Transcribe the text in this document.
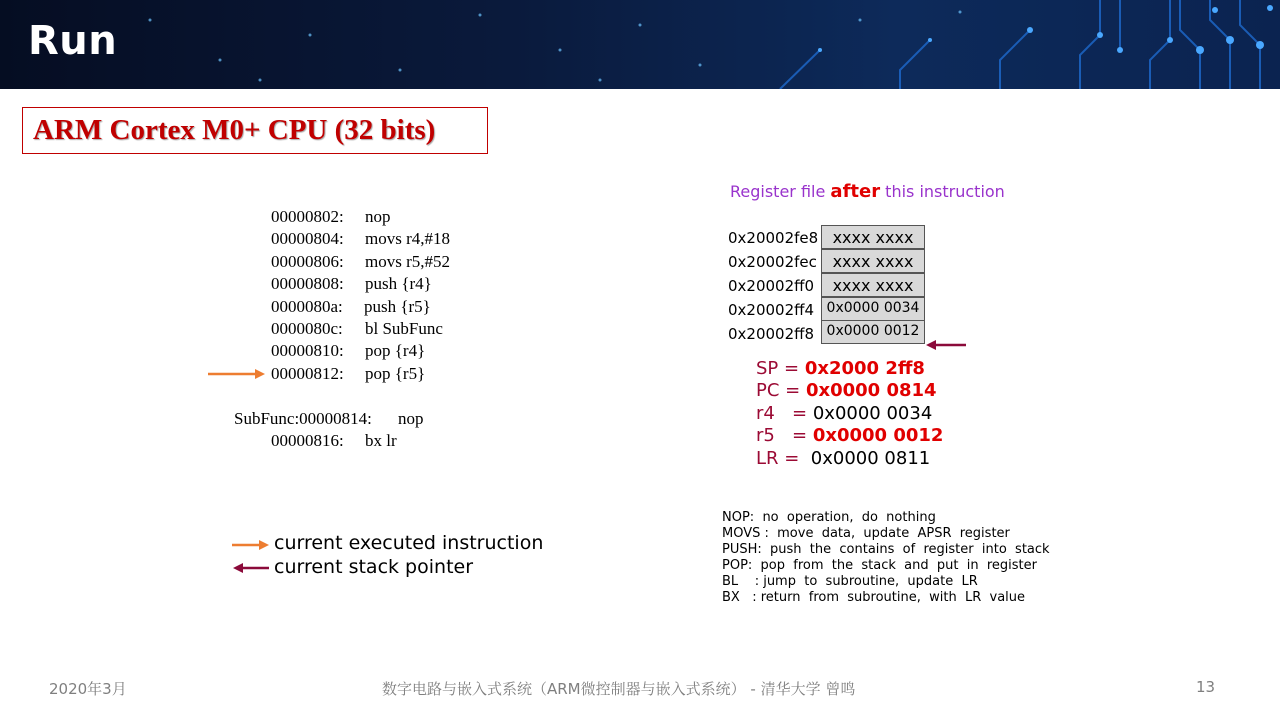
Run
ARM Cortex M0+ CPU (32 bits)

00000802: nop

00000804: movs r4,#18

00000806: movs r5,#52

00000808: push {r4}

0000080a: push {r5}

0000080c: bl SubFunc

00000810: pop {r4}

00000812: pop {r5}

SubFunc:00000814: nop

00000816: bx lr

Register file after this instruction
0x20002fe8 xxxx xxxx
0x20002fec xxxx xxxx
0x20002ff0	xxxx xxxx
0x20002ff4 0x0000 0034
0x20002ff8 0x0000 0012
SP = 0x2000 2ff8
PC = 0x0000 0814
r4   = 0x0000 0034
r5   = 0x0000 0012
LR = 0x0000 0811
current executed instruction
current stack pointer
NOP:  no  operation,  do  nothing
MOVS :  move  data,  update  APSR  register
PUSH:  push  the  contains  of  register  into  stack
POP:  pop  from  the  stack  and  put  in  register
BL    : jump  to  subroutine,  update  LR
BX   : return  from  subroutine,  with  LR  value
2020年3月	数字电路与嵌入式系统（ARM微控制器与嵌入式系统） - 清华大学 曾鸣	13
